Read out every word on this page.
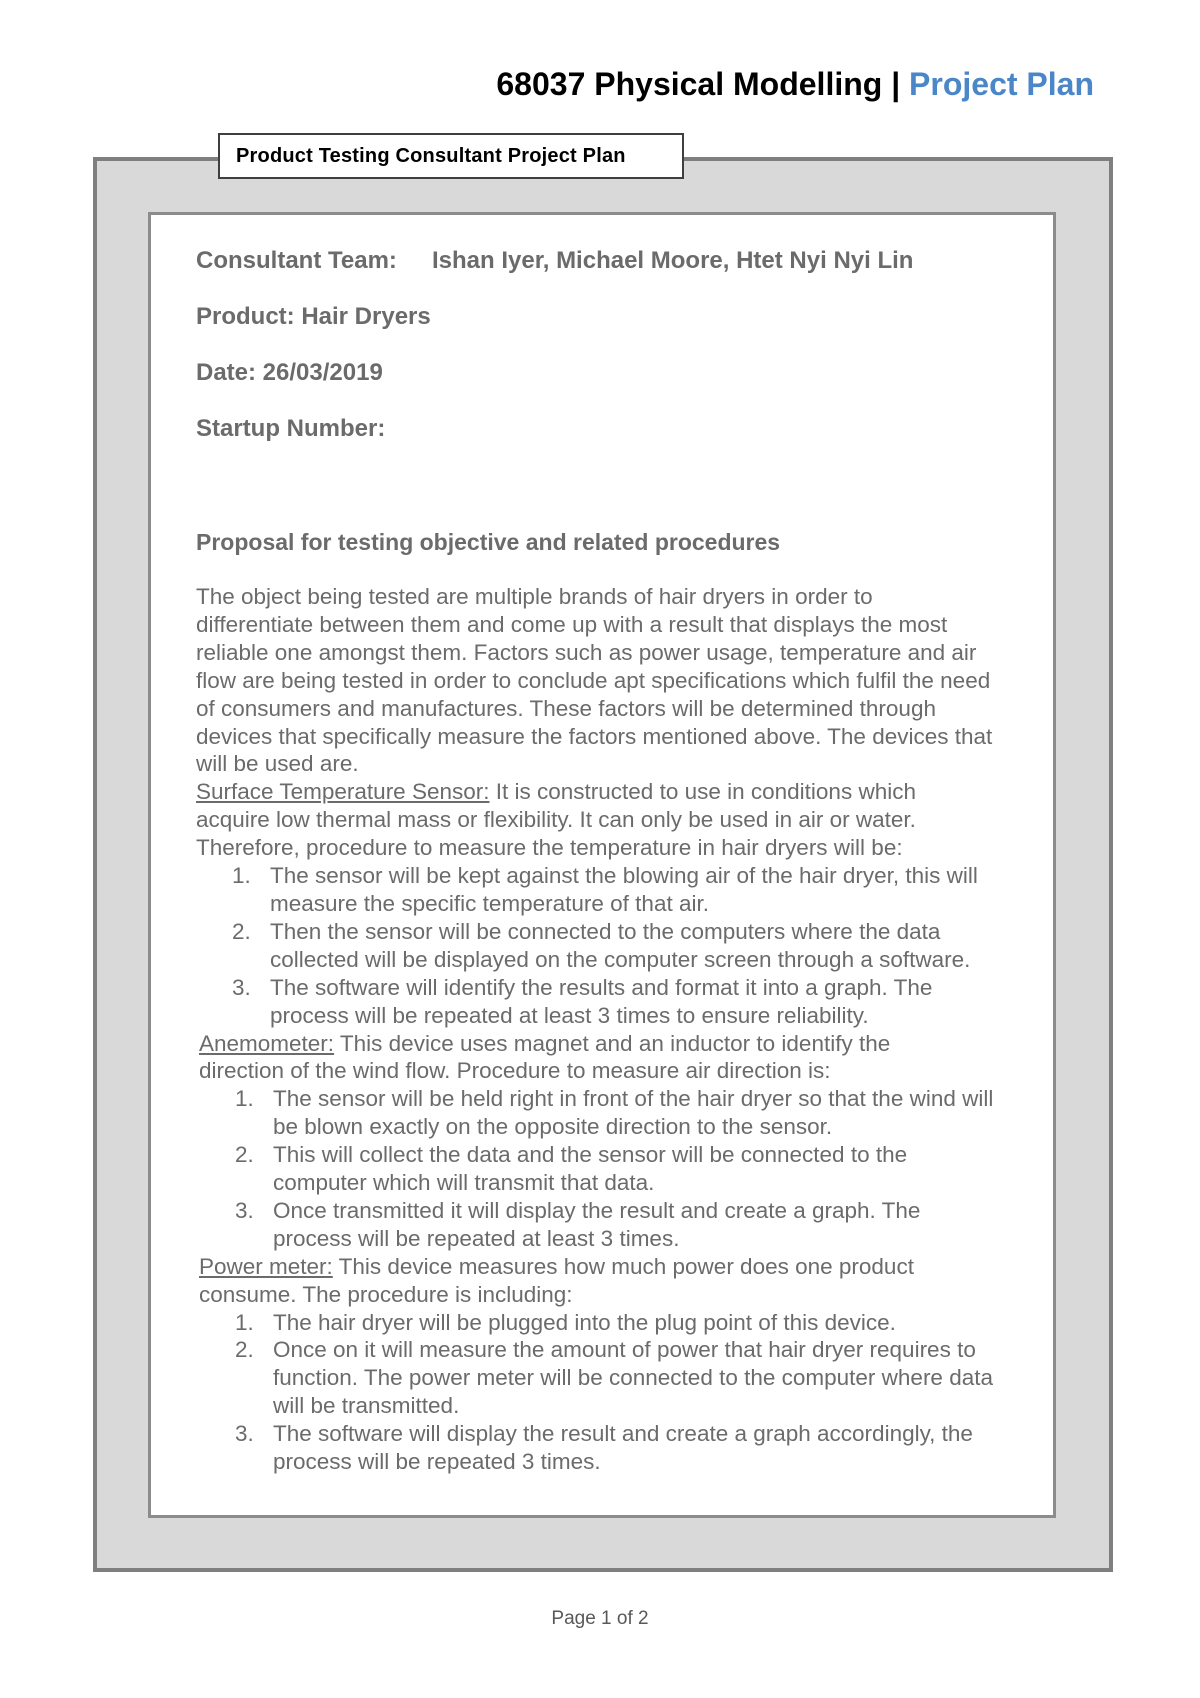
68037 Physical Modelling | Project Plan
Product Testing Consultant Project Plan
Consultant Team: Ishan Iyer, Michael Moore, Htet Nyi Nyi Lin
Product: Hair Dryers
Date: 26/03/2019
Startup Number:
Proposal for testing objective and related procedures

The object being tested are multiple brands of hair dryers in order to

differentiate between them and come up with a result that displays the most

reliable one amongst them. Factors such as power usage, temperature and air

flow are being tested in order to conclude apt specifications which fulfil the need

of consumers and manufactures. These factors will be determined through

devices that specifically measure the factors mentioned above. The devices that

will be used are.

Surface Temperature Sensor: It is constructed to use in conditions which

acquire low thermal mass or flexibility. It can only be used in air or water.

Therefore, procedure to measure the temperature in hair dryers will be:

1. The sensor will be kept against the blowing air of the hair dryer, this will
measure the specific temperature of that air.
2. Then the sensor will be connected to the computers where the data
collected will be displayed on the computer screen through a software.
3. The software will identify the results and format it into a graph. The
process will be repeated at least 3 times to ensure reliability.

Anemometer: This device uses magnet and an inductor to identify the

direction of the wind flow. Procedure to measure air direction is:

1. The sensor will be held right in front of the hair dryer so that the wind will
be blown exactly on the opposite direction to the sensor.
2. This will collect the data and the sensor will be connected to the
computer which will transmit that data.
3. Once transmitted it will display the result and create a graph. The
process will be repeated at least 3 times.

Power meter: This device measures how much power does one product

consume. The procedure is including:

1. The hair dryer will be plugged into the plug point of this device.
2. Once on it will measure the amount of power that hair dryer requires to
function. The power meter will be connected to the computer where data
will be transmitted.
3. The software will display the result and create a graph accordingly, the
process will be repeated 3 times.
Page 1 of 2
